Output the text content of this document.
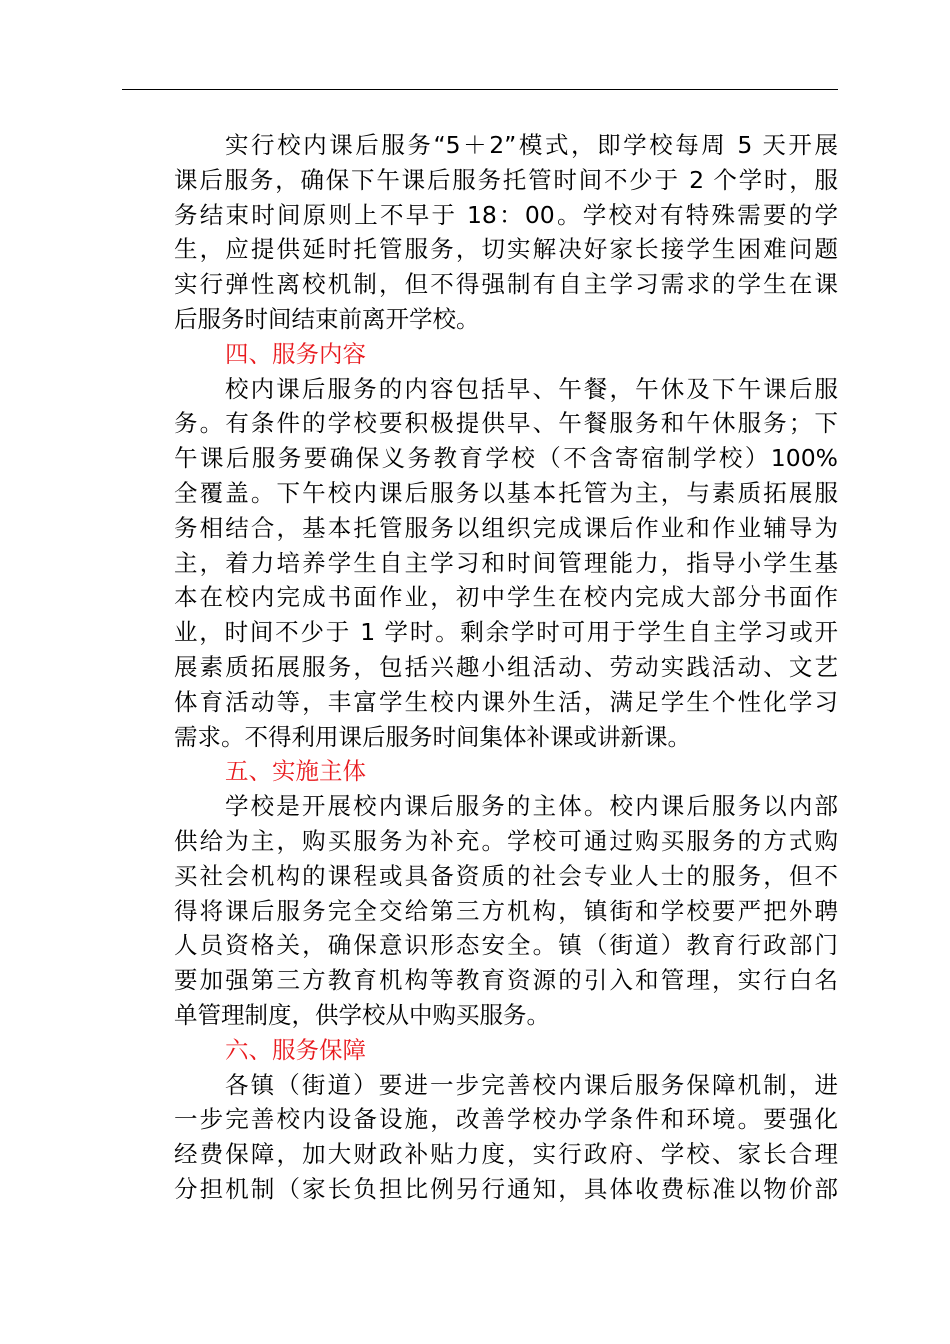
实行校内课后服务“5＋2”模式，即学校每周 5 天开展
课后服务，确保下午课后服务托管时间不少于 2 个学时，服
务结束时间原则上不早于 18：00。学校对有特殊需要的学
生，应提供延时托管服务，切实解决好家长接学生困难问题
实行弹性离校机制，但不得强制有自主学习需求的学生在课
后服务时间结束前离开学校。
四、服务内容
校内课后服务的内容包括早、午餐，午休及下午课后服
务。有条件的学校要积极提供早、午餐服务和午休服务；下
午课后服务要确保义务教育学校（不含寄宿制学校）100%
全覆盖。下午校内课后服务以基本托管为主，与素质拓展服
务相结合，基本托管服务以组织完成课后作业和作业辅导为
主，着力培养学生自主学习和时间管理能力，指导小学生基
本在校内完成书面作业，初中学生在校内完成大部分书面作
业，时间不少于 1 学时。剩余学时可用于学生自主学习或开
展素质拓展服务，包括兴趣小组活动、劳动实践活动、文艺
体育活动等，丰富学生校内课外生活，满足学生个性化学习
需求。不得利用课后服务时间集体补课或讲新课。
五、实施主体
学校是开展校内课后服务的主体。校内课后服务以内部
供给为主，购买服务为补充。学校可通过购买服务的方式购
买社会机构的课程或具备资质的社会专业人士的服务，但不
得将课后服务完全交给第三方机构，镇街和学校要严把外聘
人员资格关，确保意识形态安全。镇（街道）教育行政部门
要加强第三方教育机构等教育资源的引入和管理，实行白名
单管理制度，供学校从中购买服务。
六、服务保障
各镇（街道）要进一步完善校内课后服务保障机制，进
一步完善校内设备设施，改善学校办学条件和环境。要强化
经费保障，加大财政补贴力度，实行政府、学校、家长合理
分担机制（家长负担比例另行通知，具体收费标准以物价部
